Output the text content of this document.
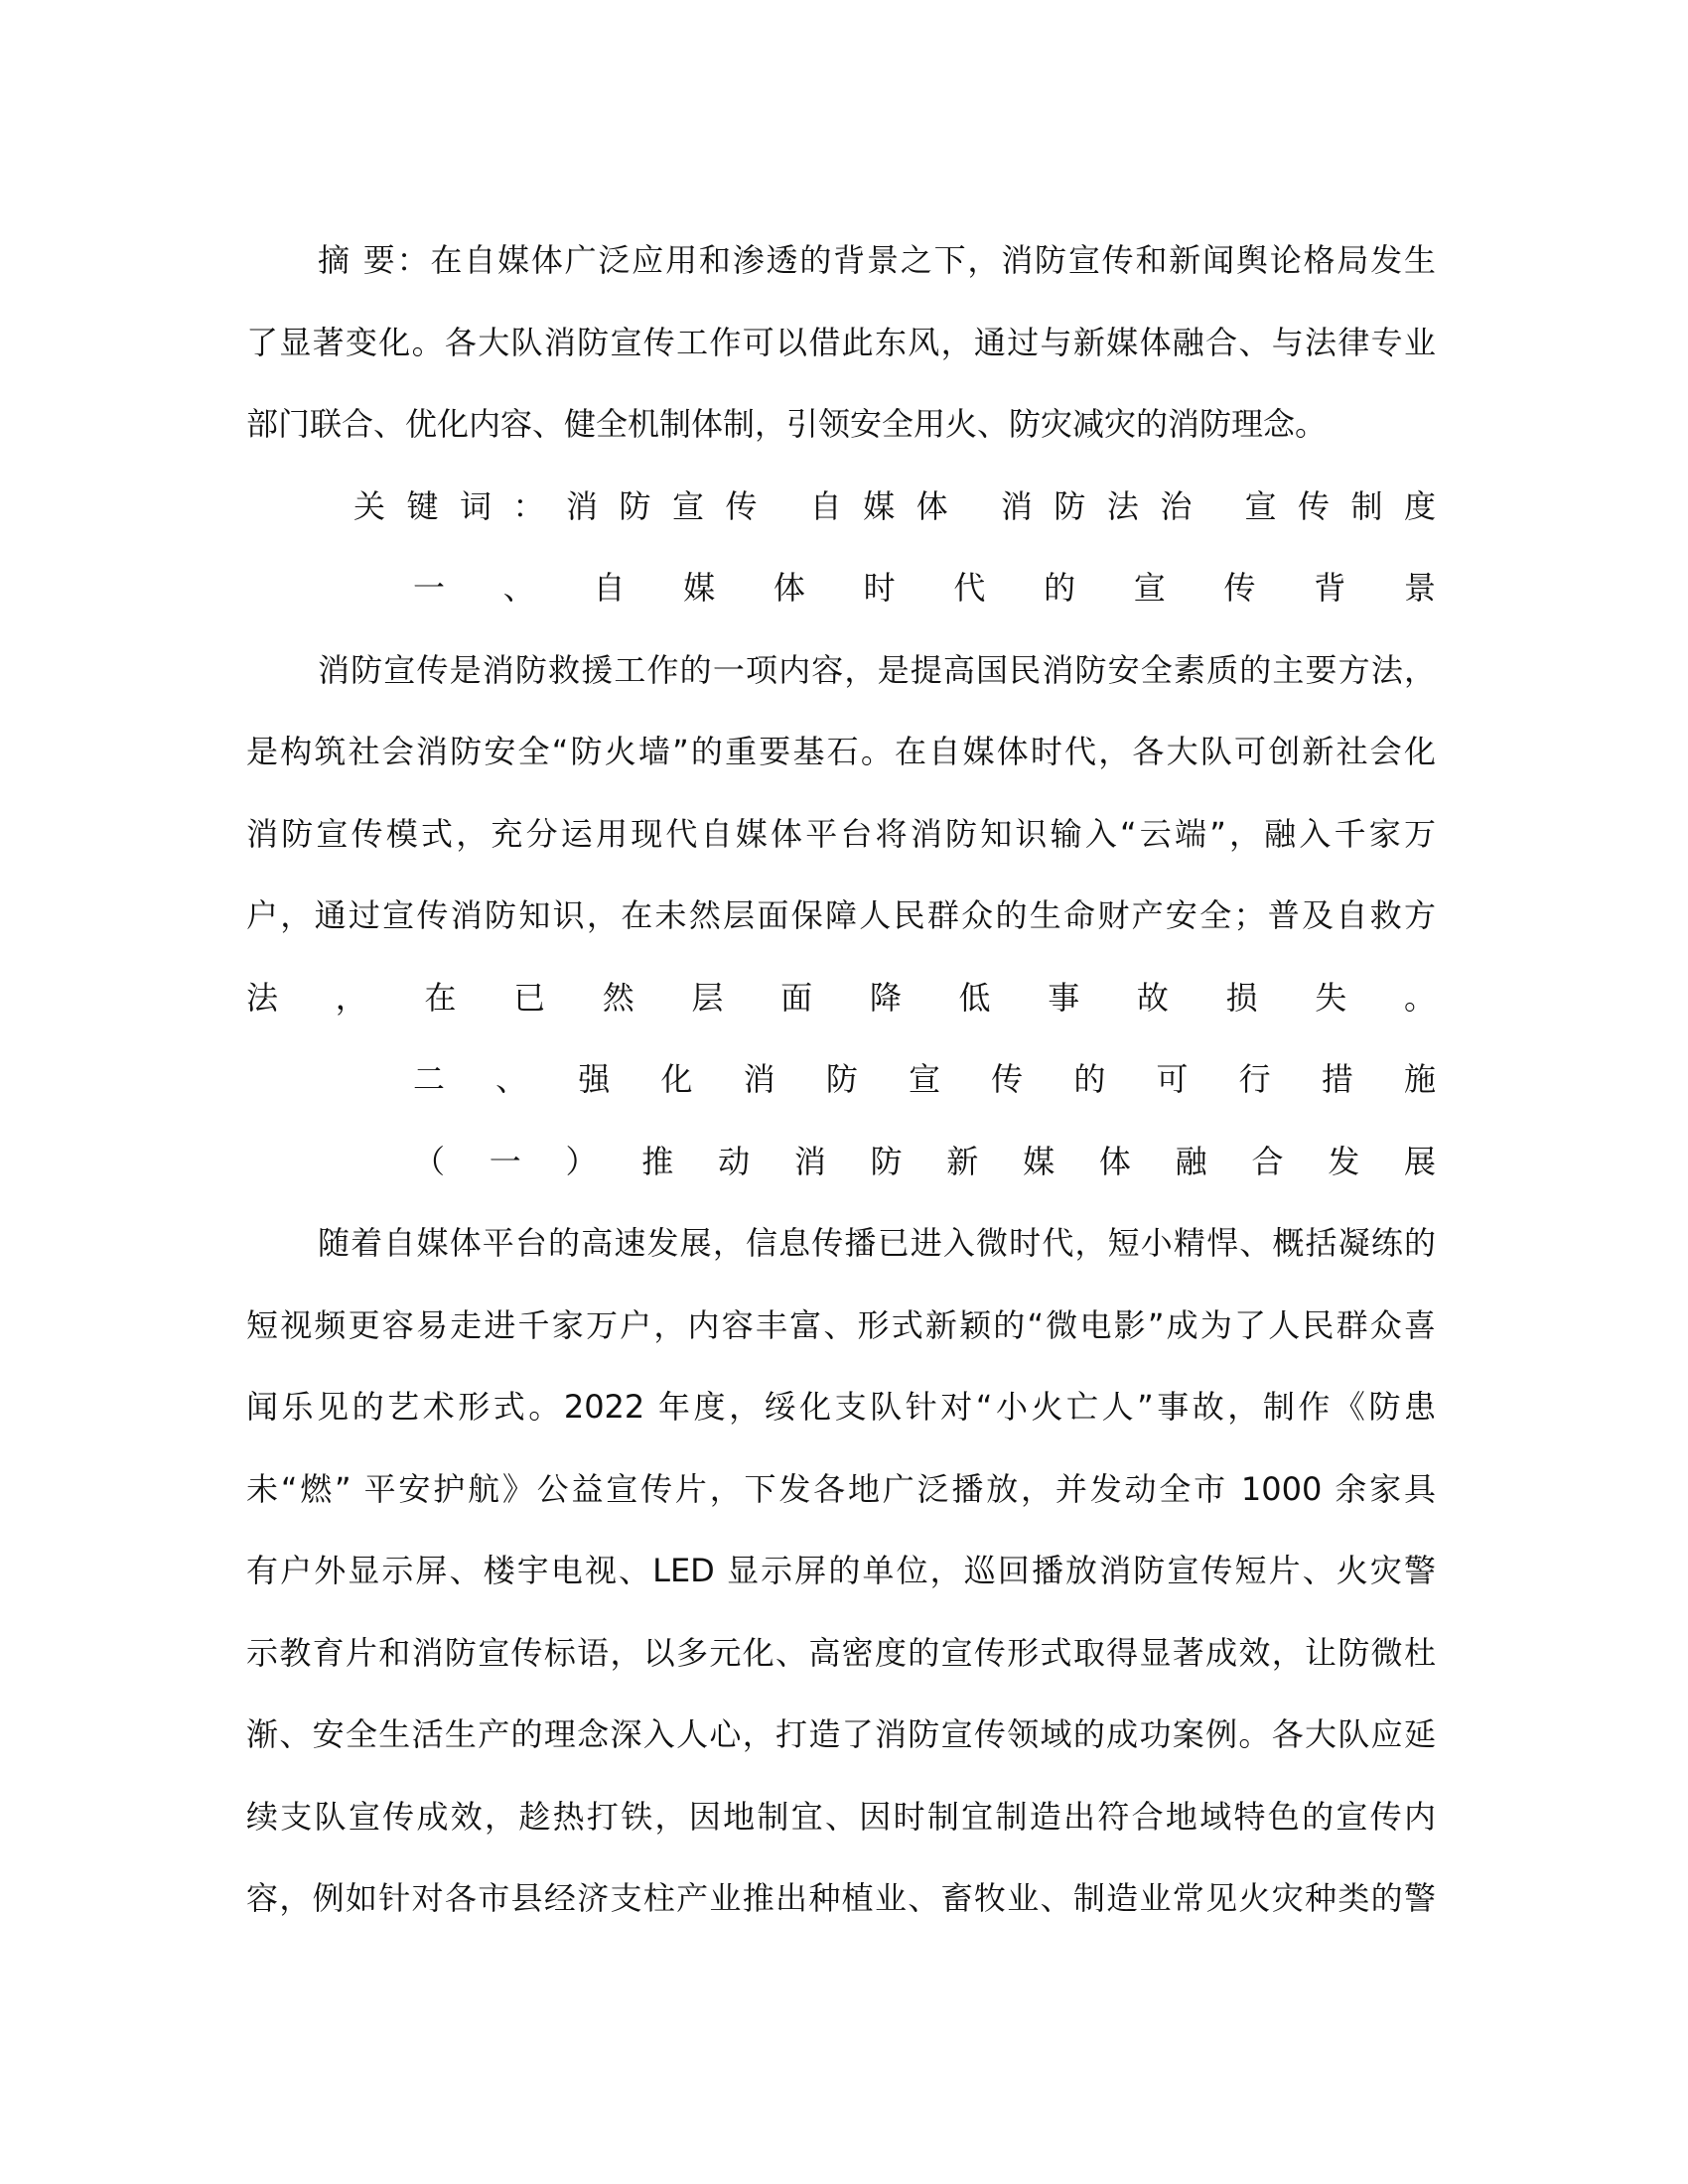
摘 要：在自媒体广泛应用和渗透的背景之下，消防宣传和新闻舆论格局发生
了显著变化。各大队消防宣传工作可以借此东风，通过与新媒体融合、与法律专业
部门联合、优化内容、健全机制体制，引领安全用火、防灾减灾的消防理念。
关键词：消防宣传 自媒体 消防法治 宣传制度
一、自媒体时代的宣传背景
消防宣传是消防救援工作的一项内容，是提高国民消防安全素质的主要方法，
是构筑社会消防安全“防火墙”的重要基石。在自媒体时代，各大队可创新社会化
消防宣传模式，充分运用现代自媒体平台将消防知识输入“云端”，融入千家万
户，通过宣传消防知识，在未然层面保障人民群众的生命财产安全；普及自救方
法，在已然层面降低事故损失。
二、强化消防宣传的可行措施
（一）推动消防新媒体融合发展
随着自媒体平台的高速发展，信息传播已进入微时代，短小精悍、概括凝练的
短视频更容易走进千家万户，内容丰富、形式新颖的“微电影”成为了人民群众喜
闻乐见的艺术形式。2022 年度，绥化支队针对“小火亡人”事故，制作《防患
未“燃” 平安护航》公益宣传片，下发各地广泛播放，并发动全市 1000 余家具
有户外显示屏、楼宇电视、LED 显示屏的单位，巡回播放消防宣传短片、火灾警
示教育片和消防宣传标语，以多元化、高密度的宣传形式取得显著成效，让防微杜
渐、安全生活生产的理念深入人心，打造了消防宣传领域的成功案例。各大队应延
续支队宣传成效，趁热打铁，因地制宜、因时制宜制造出符合地域特色的宣传内
容，例如针对各市县经济支柱产业推出种植业、畜牧业、制造业常见火灾种类的警
